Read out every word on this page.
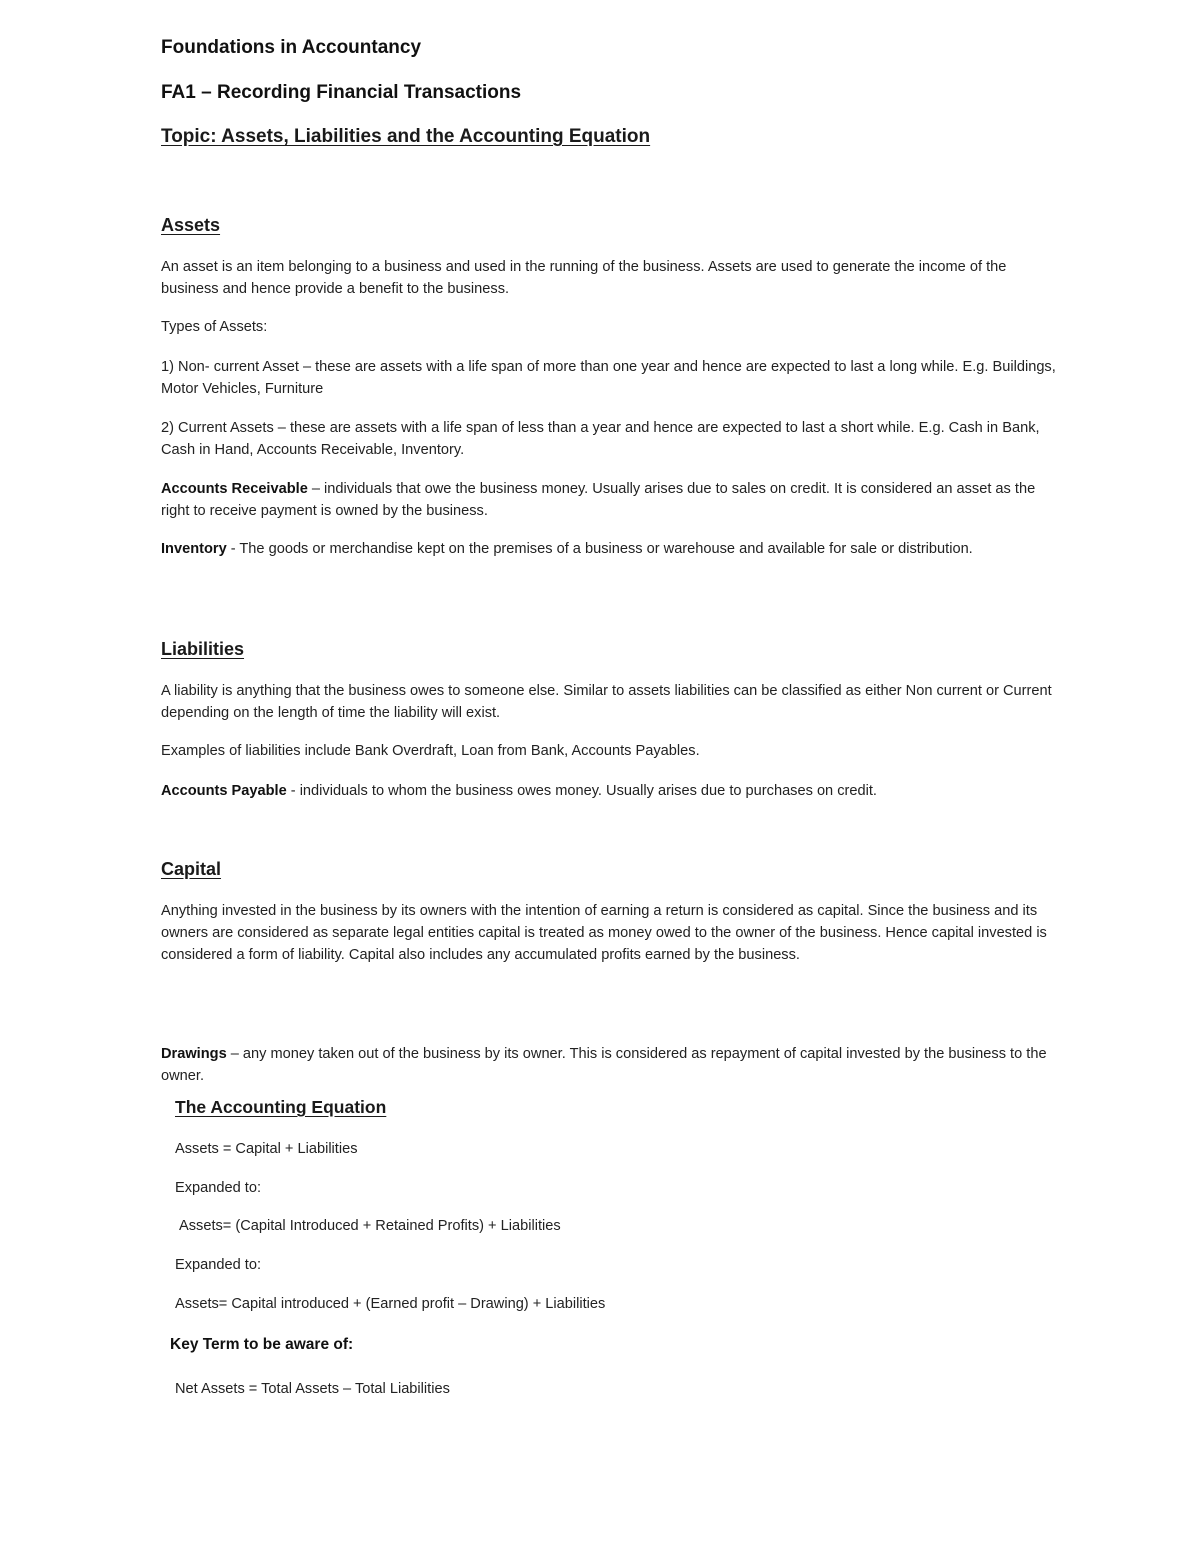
Foundations in Accountancy

FA1 – Recording Financial Transactions

Topic: Assets, Liabilities and the Accounting Equation

Assets

An asset is an item belonging to a business and used in the running of the business. Assets are used to generate the income of the business and hence provide a benefit to the business.

Types of Assets:

1) Non- current Asset – these are assets with a life span of more than one year and hence are expected to last a long while. E.g. Buildings, Motor Vehicles, Furniture

2) Current Assets – these are assets with a life span of less than a year and hence are expected to last a short while. E.g. Cash in Bank, Cash in Hand, Accounts Receivable, Inventory.

Accounts Receivable – individuals that owe the business money. Usually arises due to sales on credit. It is considered an asset as the right to receive payment is owned by the business.

Inventory - The goods or merchandise kept on the premises of a business or warehouse and available for sale or distribution.

Liabilities

A liability is anything that the business owes to someone else. Similar to assets liabilities can be classified as either Non current or Current depending on the length of time the liability will exist.

Examples of liabilities include Bank Overdraft, Loan from Bank, Accounts Payables.

Accounts Payable - individuals to whom the business owes money. Usually arises due to purchases on credit.

Capital

Anything invested in the business by its owners with the intention of earning a return is considered as capital. Since the business and its owners are considered as separate legal entities capital is treated as money owed to the owner of the business. Hence capital invested is considered a form of liability. Capital also includes any accumulated profits earned by the business.

Drawings – any money taken out of the business by its owner. This is considered as repayment of capital invested by the business to the owner.

The Accounting Equation

Assets = Capital + Liabilities

Expanded to:

Assets= (Capital Introduced + Retained Profits) + Liabilities

Expanded to:

Assets= Capital introduced + (Earned profit – Drawing) + Liabilities

Key Term to be aware of:

Net Assets = Total Assets – Total Liabilities
